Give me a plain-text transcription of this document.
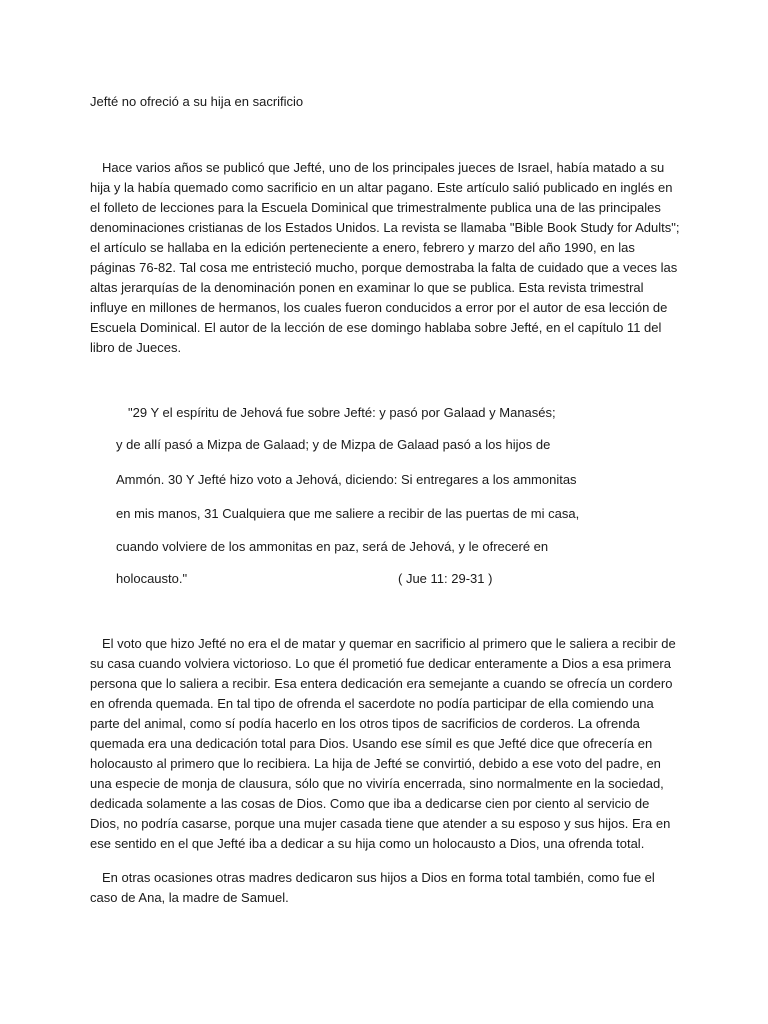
Jefté no ofreció a su hija en sacrificio

Hace varios años se publicó que Jefté, uno de los principales jueces de Israel, había matado a su hija y la había quemado como sacrificio en un altar pagano. Este artículo salió publicado en inglés en el folleto de lecciones para la Escuela Dominical que trimestralmente publica una de las principales denominaciones cristianas de los Estados Unidos. La revista se llamaba "Bible Book Study for Adults"; el artículo se hallaba en la edición perteneciente a enero, febrero y marzo del año 1990, en las páginas 76-82. Tal cosa me entristeció mucho, porque demostraba la falta de cuidado que a veces las altas jerarquías de la denominación ponen en examinar lo que se publica. Esta revista trimestral influye en millones de hermanos, los cuales fueron conducidos a error por el autor de esa lección de Escuela Dominical. El autor de la lección de ese domingo hablaba sobre Jefté, en el capítulo 11 del libro de Jueces.

"29 Y el espíritu de Jehová fue sobre Jefté: y pasó por Galaad y Manasés;
y de allí pasó a Mizpa de Galaad; y de Mizpa de Galaad pasó a los hijos de
Ammón. 30 Y Jefté hizo voto a Jehová, diciendo: Si entregares a los ammonitas
en mis manos, 31 Cualquiera que me saliere a recibir de las puertas de mi casa,
cuando volviere de los ammonitas en paz, será de Jehová, y le ofreceré en
holocausto."	( Jue 11: 29-31 )

El voto que hizo Jefté no era el de matar y quemar en sacrificio al primero que le saliera a recibir de su casa cuando volviera victorioso. Lo que él prometió fue dedicar enteramente a Dios a esa primera persona que lo saliera a recibir. Esa entera dedicación era semejante a cuando se ofrecía un cordero en ofrenda quemada. En tal tipo de ofrenda el sacerdote no podía participar de ella comiendo una parte del animal, como sí podía hacerlo en los otros tipos de sacrificios de corderos. La ofrenda quemada era una dedicación total para Dios. Usando ese símil es que Jefté dice que ofrecería en holocausto al primero que lo recibiera. La hija de Jefté se convirtió, debido a ese voto del padre, en una especie de monja de clausura, sólo que no viviría encerrada, sino normalmente en la sociedad, dedicada solamente a las cosas de Dios. Como que iba a dedicarse cien por ciento al servicio de Dios, no podría casarse, porque una mujer casada tiene que atender a su esposo y sus hijos. Era en ese sentido en el que Jefté iba a dedicar a su hija como un holocausto a Dios, una ofrenda total.

En otras ocasiones otras madres dedicaron sus hijos a Dios en forma total también, como fue el caso de Ana, la madre de Samuel.
